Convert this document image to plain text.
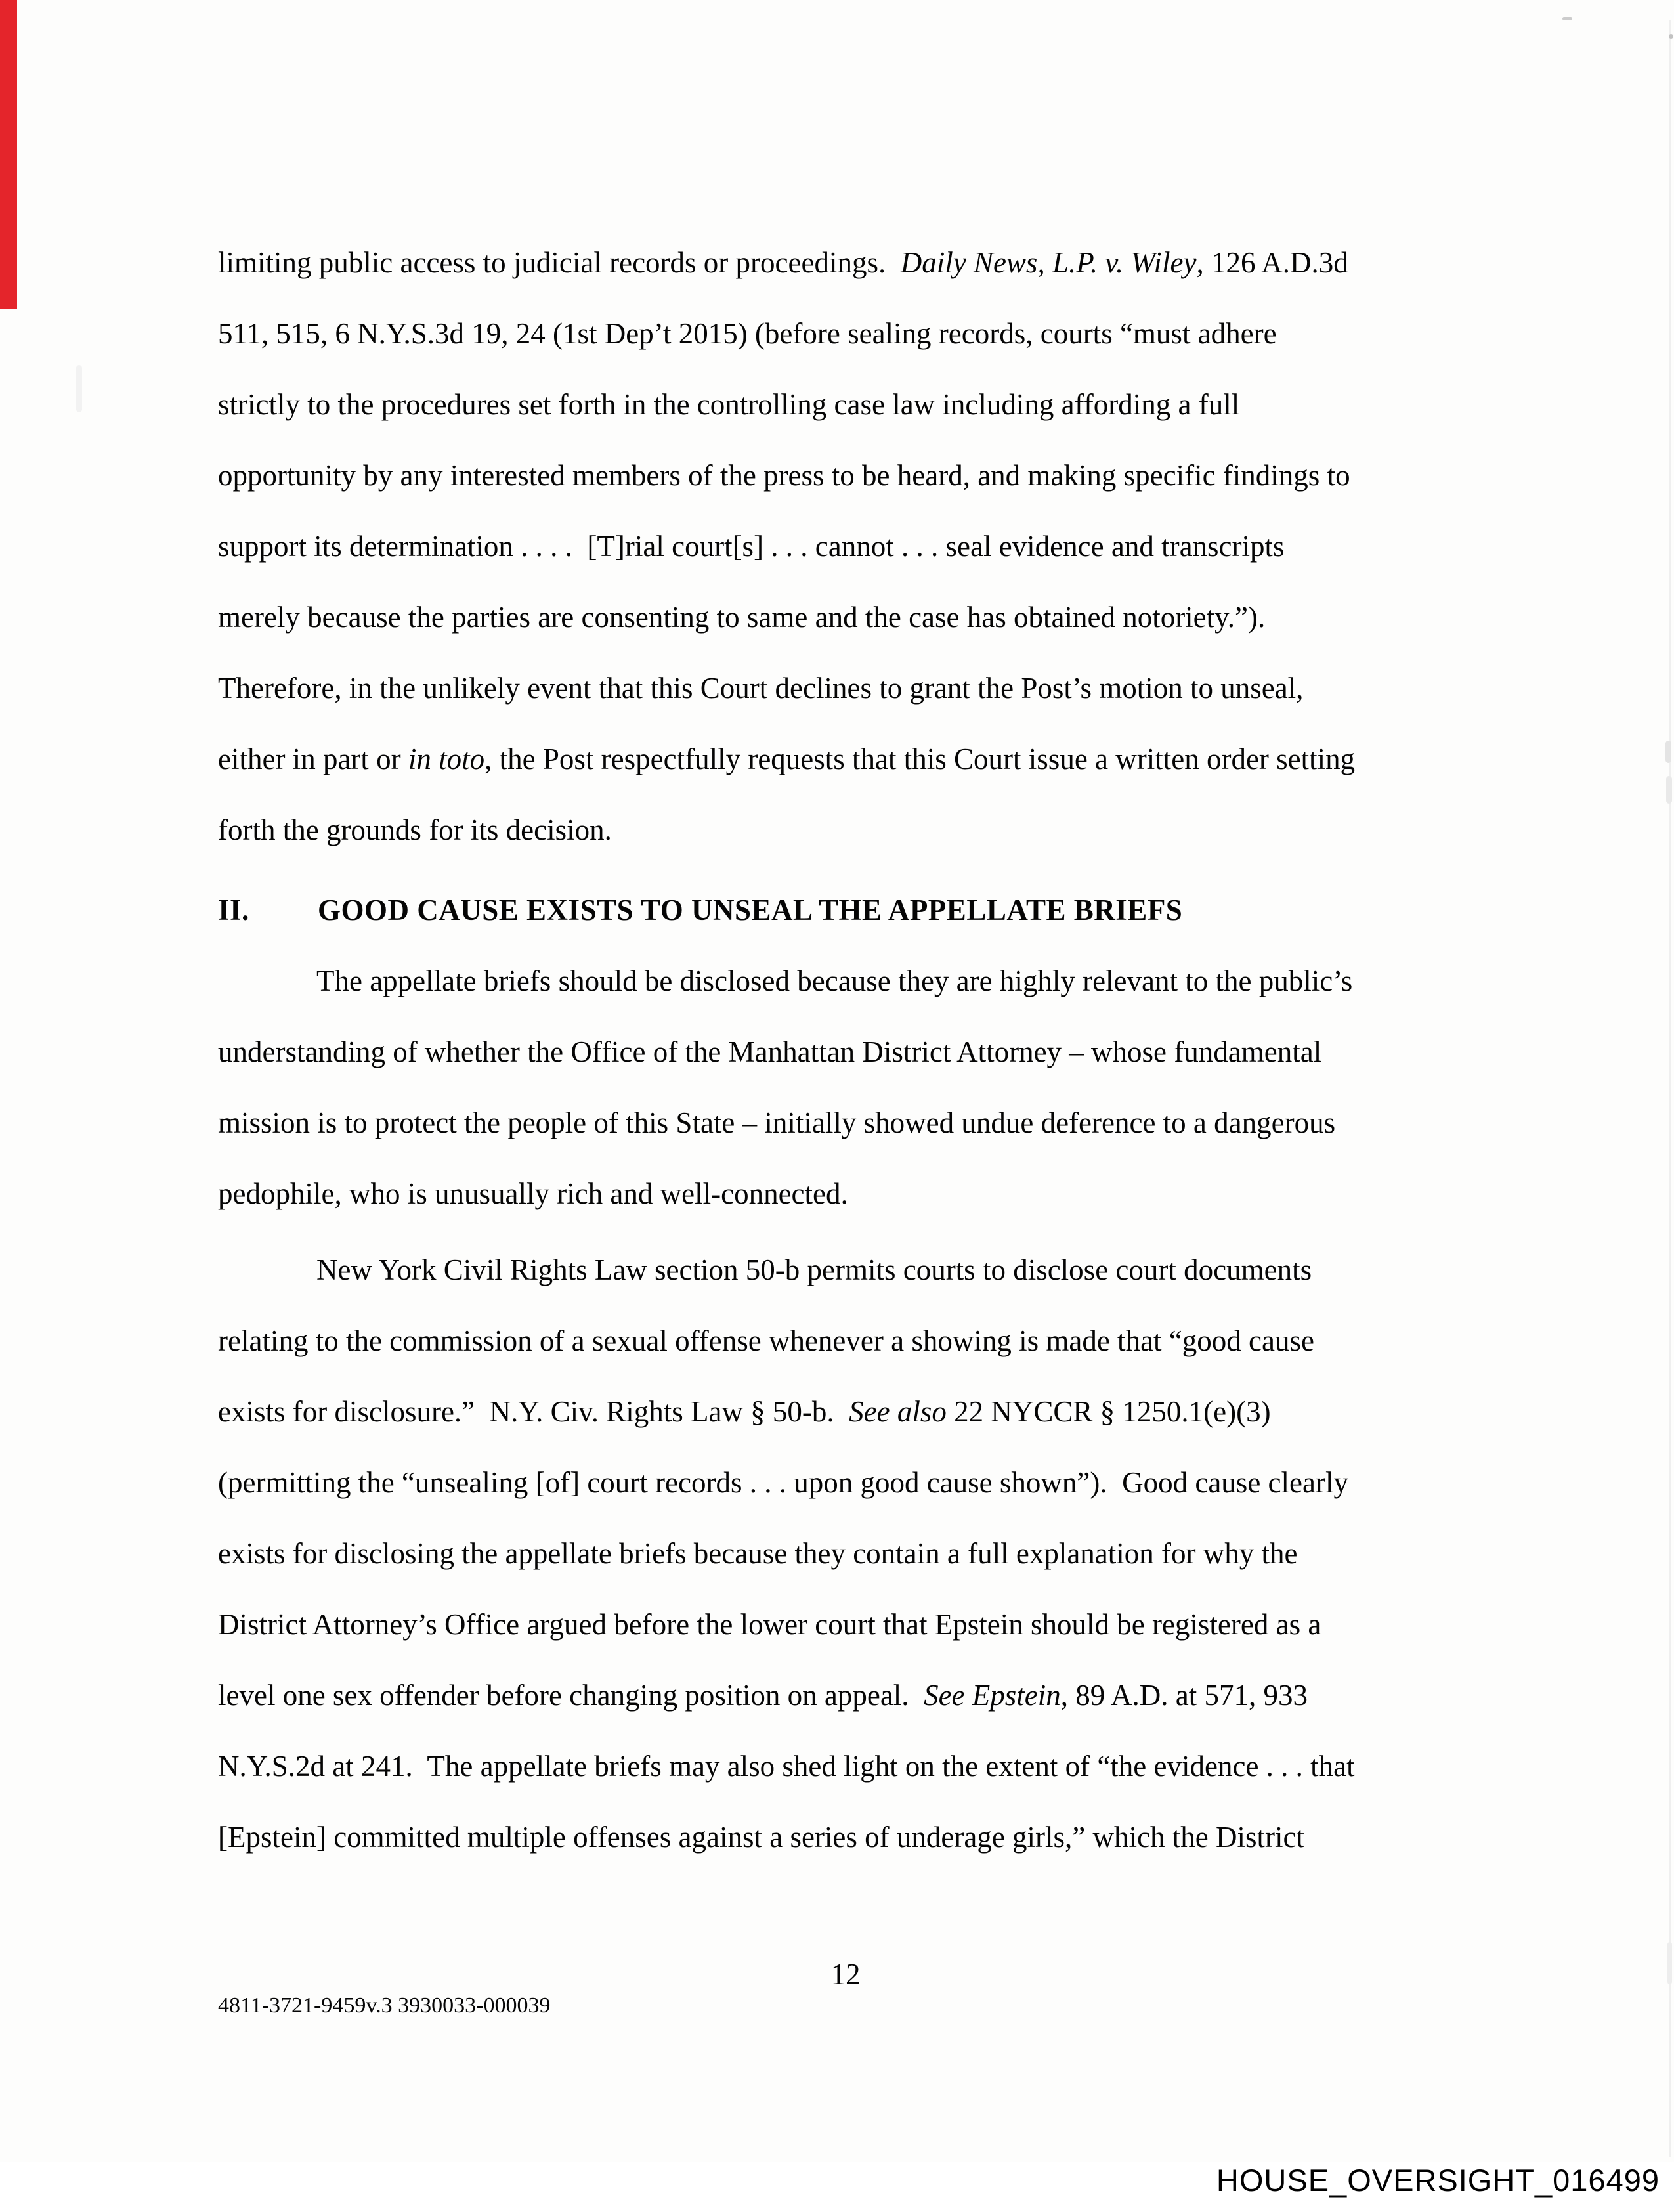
limiting public access to judicial records or proceedings.  Daily News, L.P. v. Wiley, 126 A.D.3d
511, 515, 6 N.Y.S.3d 19, 24 (1st Dep’t 2015) (before sealing records, courts “must adhere
strictly to the procedures set forth in the controlling case law including affording a full
opportunity by any interested members of the press to be heard, and making specific findings to
support its determination . . . .  [T]rial court[s] . . . cannot . . . seal evidence and transcripts
merely because the parties are consenting to same and the case has obtained notoriety.”).
Therefore, in the unlikely event that this Court declines to grant the Post’s motion to unseal,
either in part or in toto, the Post respectfully requests that this Court issue a written order setting
forth the grounds for its decision.
II. GOOD CAUSE EXISTS TO UNSEAL THE APPELLATE BRIEFS
The appellate briefs should be disclosed because they are highly relevant to the public’s
understanding of whether the Office of the Manhattan District Attorney – whose fundamental
mission is to protect the people of this State – initially showed undue deference to a dangerous
pedophile, who is unusually rich and well-connected.
New York Civil Rights Law section 50-b permits courts to disclose court documents
relating to the commission of a sexual offense whenever a showing is made that “good cause
exists for disclosure.”  N.Y. Civ. Rights Law § 50-b.  See also 22 NYCCR § 1250.1(e)(3)
(permitting the “unsealing [of] court records . . . upon good cause shown”).  Good cause clearly
exists for disclosing the appellate briefs because they contain a full explanation for why the
District Attorney’s Office argued before the lower court that Epstein should be registered as a
level one sex offender before changing position on appeal.  See Epstein, 89 A.D. at 571, 933
N.Y.S.2d at 241.  The appellate briefs may also shed light on the extent of “the evidence . . . that
[Epstein] committed multiple offenses against a series of underage girls,” which the District
12
4811-3721-9459v.3 3930033-000039
HOUSE_OVERSIGHT_016499
